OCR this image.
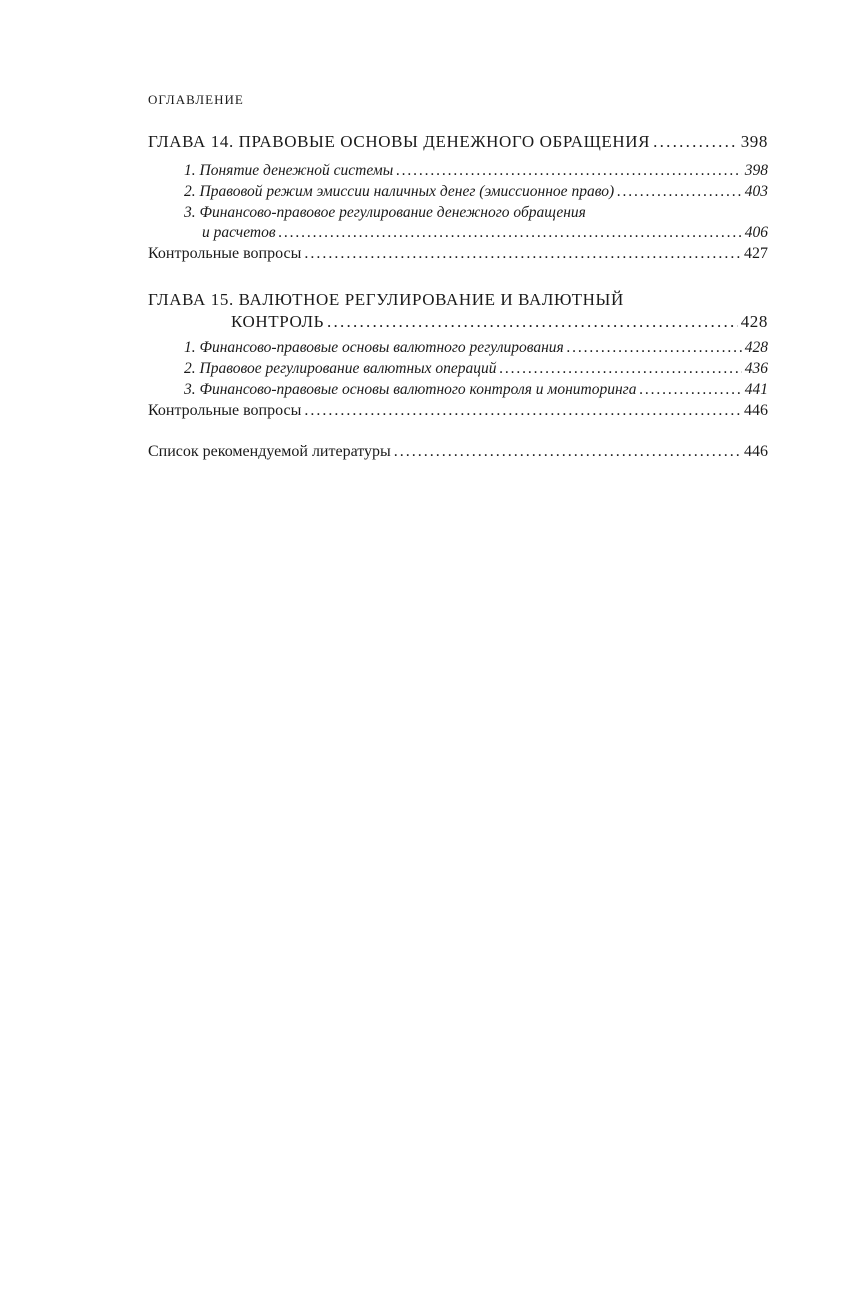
ОГЛАВЛЕНИЕ
ГЛАВА 14. ПРАВОВЫЕ ОСНОВЫ ДЕНЕЖНОГО ОБРАЩЕНИЯ . . .	398
1. Понятие денежной системы . . .	398
2. Правовой режим эмиссии наличных денег (эмиссионное право) . . .	403
3. Финансово-правовое регулирование денежного обращения
и расчетов . . .	406
Контрольные вопросы . . .	427
ГЛАВА 15. ВАЛЮТНОЕ РЕГУЛИРОВАНИЕ И ВАЛЮТНЫЙ
КОНТРОЛЬ . . .	428
1. Финансово-правовые основы валютного регулирования . . .	428
2. Правовое регулирование валютных операций . . .	436
3. Финансово-правовые основы валютного контроля и мониторинга . . .	441
Контрольные вопросы . . .	446
Список рекомендуемой литературы . . .	446
